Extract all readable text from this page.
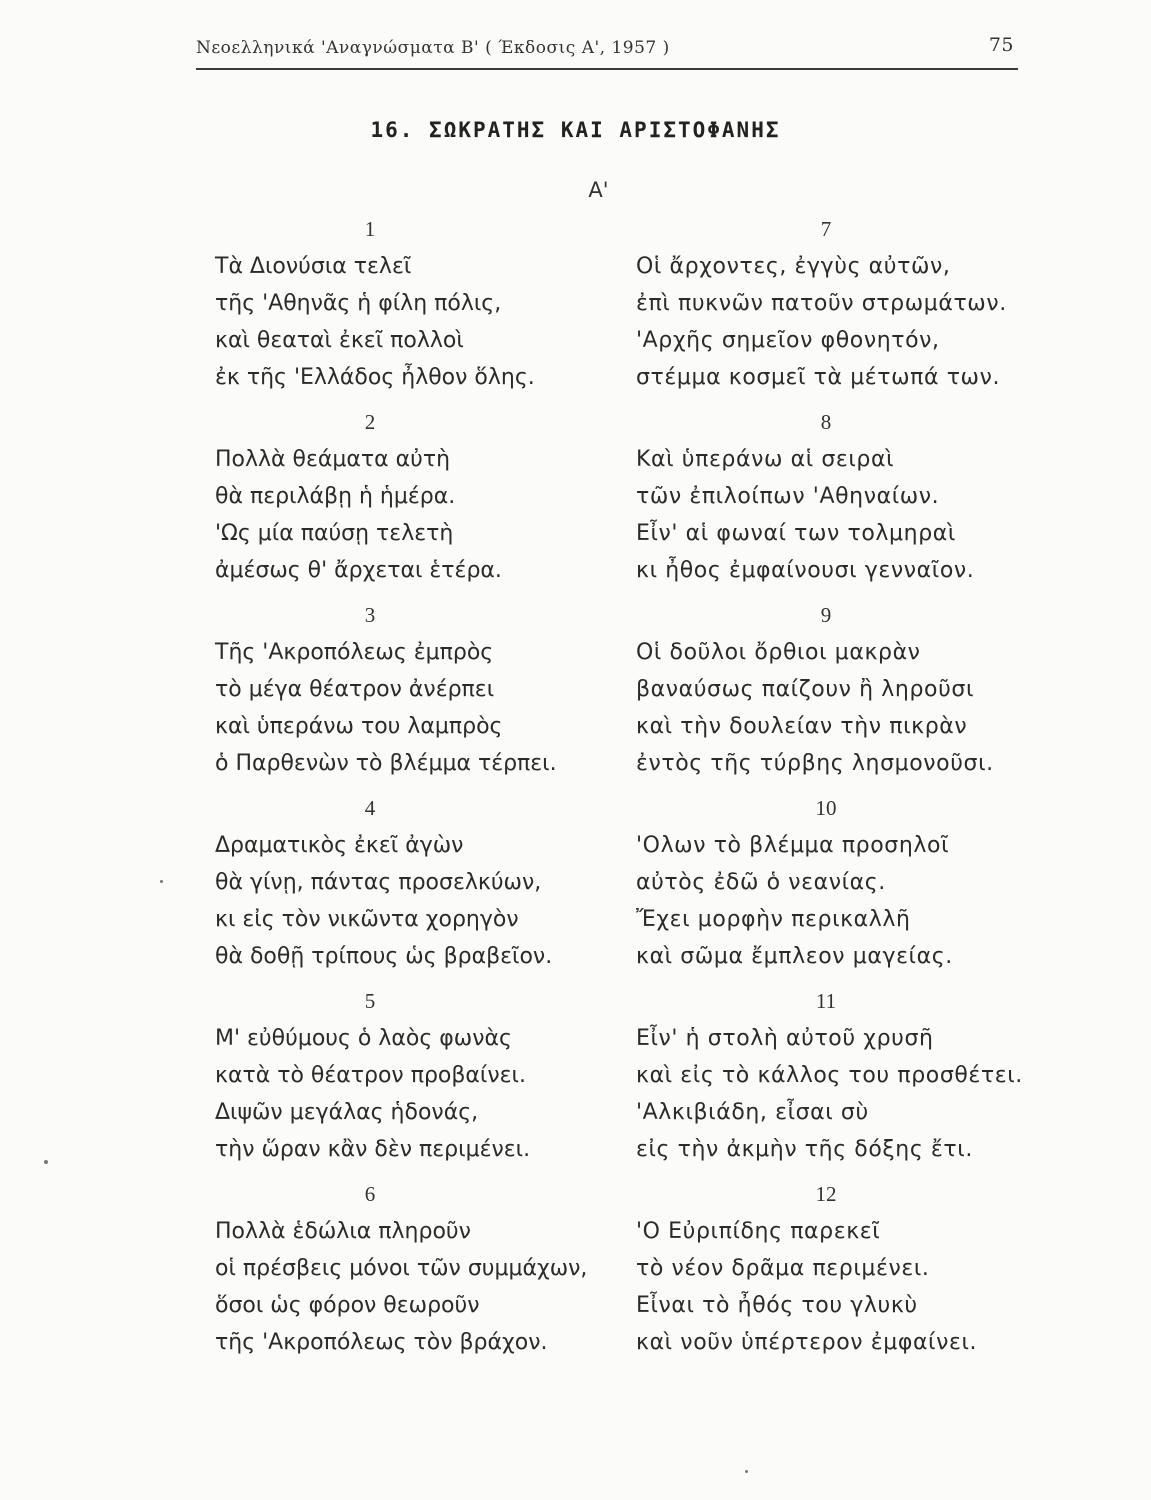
Νεοελληνικά 'Αναγνώσματα Β' ( Έκδοσις Α', 1957 )	75
16. ΣΩΚΡΑΤΗΣ ΚΑΙ ΑΡΙΣΤΟΦΑΝΗΣ
Α'
1
Τὰ Διονύσια τελεῖ
τῆς 'Αθηνᾶς ἡ φίλη πόλις,
καὶ θεαταὶ ἐκεῖ πολλοὶ
ἐκ τῆς 'Ελλάδος ἦλθον ὅλης.
2
Πολλὰ θεάματα αὐτὴ
θὰ περιλάβῃ ἡ ἡμέρα.
'Ως μία παύσῃ τελετὴ
ἀμέσως θ' ἄρχεται ἑτέρα.
3
Τῆς 'Ακροπόλεως ἐμπρὸς
τὸ μέγα θέατρον ἀνέρπει
καὶ ὑπεράνω του λαμπρὸς
ὁ Παρθενὼν τὸ βλέμμα τέρπει.
4
Δραματικὸς ἐκεῖ ἀγὼν
θὰ γίνῃ, πάντας προσελκύων,
κι εἰς τὸν νικῶντα χορηγὸν
θὰ δοθῇ τρίπους ὡς βραβεῖον.
5
Μ' εὐθύμους ὁ λαὸς φωνὰς
κατὰ τὸ θέατρον προβαίνει.
Διψῶν μεγάλας ἡδονάς,
τὴν ὥραν κἂν δὲν περιμένει.
6
Πολλὰ ἑδώλια πληροῦν
οἱ πρέσβεις μόνοι τῶν συμμάχων,
ὅσοι ὡς φόρον θεωροῦν
τῆς 'Ακροπόλεως τὸν βράχον.
7
Οἱ ἄρχοντες, ἐγγὺς αὐτῶν,
ἐπὶ πυκνῶν πατοῦν στρωμάτων.
'Αρχῆς σημεῖον φθονητόν,
στέμμα κοσμεῖ τὰ μέτωπά των.
8
Καὶ ὑπεράνω αἱ σειραὶ
τῶν ἐπιλοίπων 'Αθηναίων.
Εἶν' αἱ φωναί των τολμηραὶ
κι ἦθος ἐμφαίνουσι γενναῖον.
9
Οἱ δοῦλοι ὄρθιοι μακρὰν
βαναύσως παίζουν ἢ ληροῦσι
καὶ τὴν δουλείαν τὴν πικρὰν
ἐντὸς τῆς τύρβης λησμονοῦσι.
10
'Ολων τὸ βλέμμα προσηλοῖ
αὐτὸς ἐδῶ ὁ νεανίας.
Ἔχει μορφὴν περικαλλῆ
καὶ σῶμα ἔμπλεον μαγείας.
11
Εἶν' ἡ στολὴ αὐτοῦ χρυσῆ
καὶ εἰς τὸ κάλλος του προσθέτει.
'Αλκιβιάδη, εἶσαι σὺ
εἰς τὴν ἀκμὴν τῆς δόξης ἔτι.
12
'Ο Εὐριπίδης παρεκεῖ
τὸ νέον δρᾶμα περιμένει.
Εἶναι τὸ ἦθός του γλυκὺ
καὶ νοῦν ὑπέρτερον ἐμφαίνει.
